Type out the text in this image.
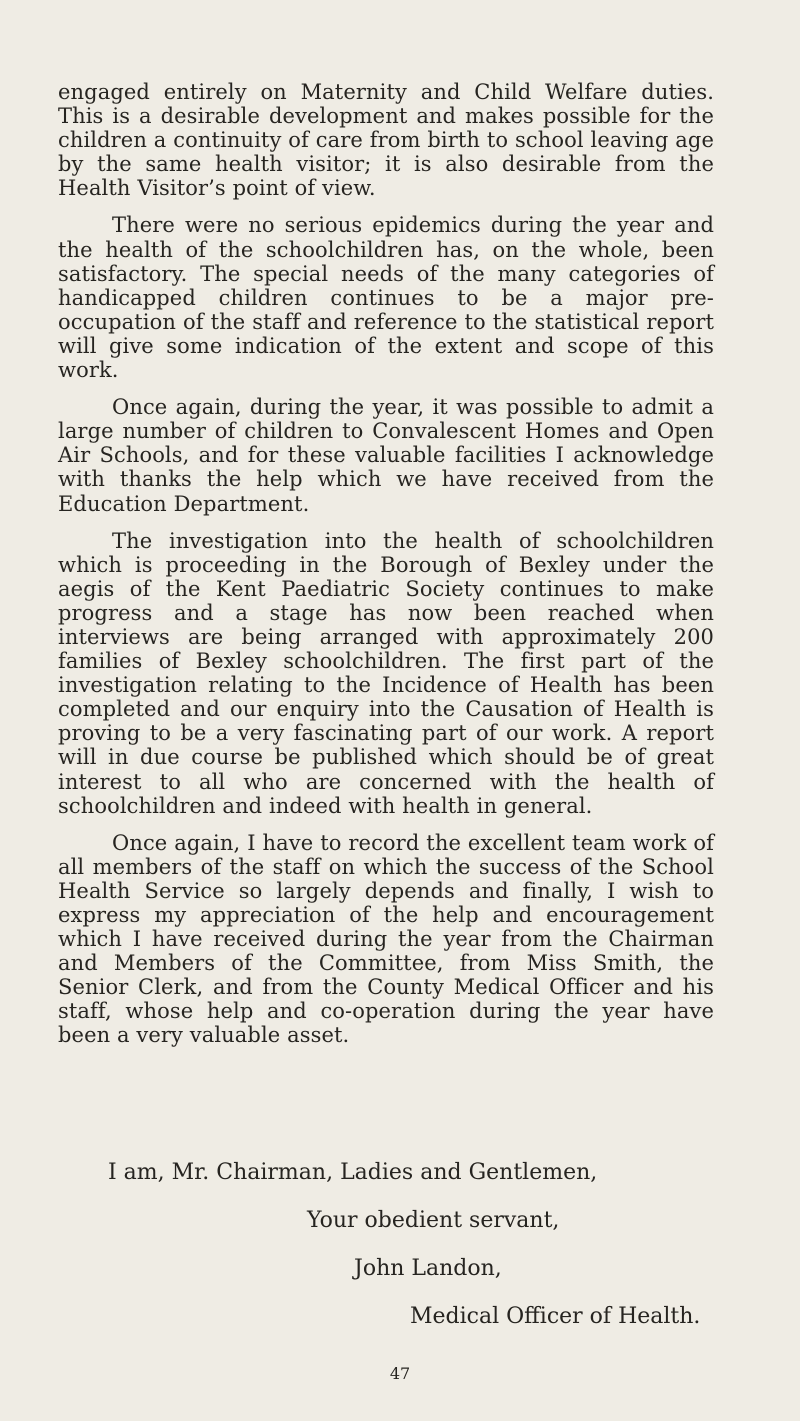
engaged entirely on Maternity and Child Welfare duties. This is a desirable development and makes possible for the children a continuity of care from birth to school leaving age by the same health visitor; it is also desirable from the Health Visitor’s point of view.

There were no serious epidemics during the year and the health of the schoolchildren has, on the whole, been satisfactory. The special needs of the many categories of handicapped children continues to be a major pre-occupation of the staff and reference to the statistical report will give some indication of the extent and scope of this work.

Once again, during the year, it was possible to admit a large number of children to Convalescent Homes and Open Air Schools, and for these valuable facilities I acknowledge with thanks the help which we have received from the Education Department.

The investigation into the health of schoolchildren which is proceeding in the Borough of Bexley under the aegis of the Kent Paediatric Society continues to make progress and a stage has now been reached when interviews are being arranged with approximately 200 families of Bexley schoolchildren. The first part of the investigation relating to the Incidence of Health has been completed and our enquiry into the Causation of Health is proving to be a very fascinating part of our work. A report will in due course be published which should be of great interest to all who are concerned with the health of schoolchildren and indeed with health in general.

Once again, I have to record the excellent team work of all members of the staff on which the success of the School Health Service so largely depends and finally, I wish to express my appreciation of the help and encouragement which I have received during the year from the Chairman and Members of the Committee, from Miss Smith, the Senior Clerk, and from the County Medical Officer and his staff, whose help and co-operation during the year have been a very valuable asset.

I am, Mr. Chairman, Ladies and Gentlemen,
Your obedient servant,
John Landon,
Medical Officer of Health.
47
